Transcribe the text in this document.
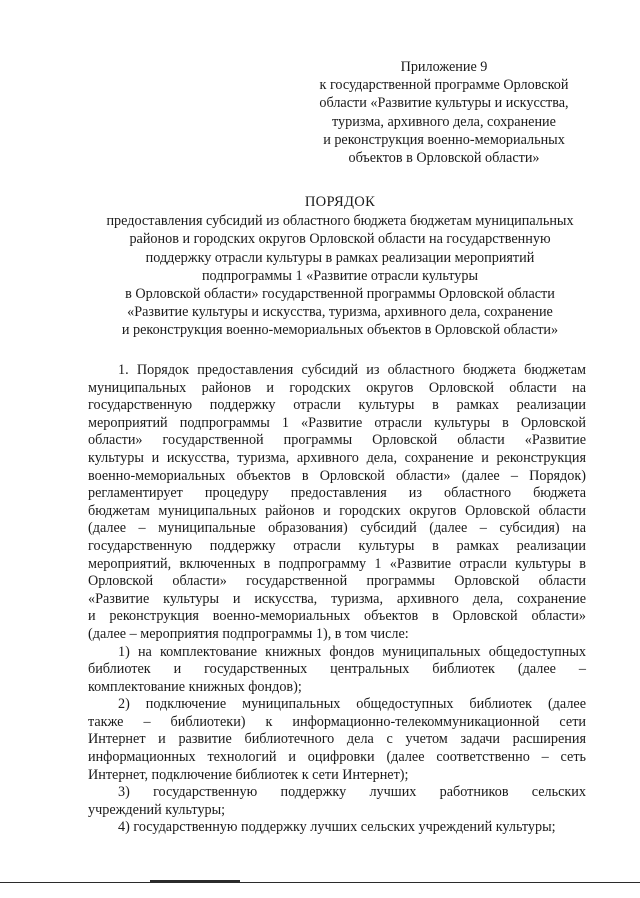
Приложение 9
к государственной программе Орловской
области «Развитие культуры и искусства,
туризма, архивного дела, сохранение
и реконструкция военно-мемориальных
объектов в Орловской области»
ПОРЯДОК
предоставления субсидий из областного бюджета бюджетам муниципальных
районов и городских округов Орловской области на государственную
поддержку отрасли культуры в рамках реализации мероприятий
подпрограммы 1 «Развитие отрасли культуры
в Орловской области» государственной программы Орловской области
«Развитие культуры и искусства, туризма, архивного дела, сохранение
и реконструкция военно-мемориальных объектов в Орловской области»
1. Порядок предоставления субсидий из областного бюджета бюджетам
муниципальных районов и городских округов Орловской области на
государственную поддержку отрасли культуры в рамках реализации
мероприятий подпрограммы 1 «Развитие отрасли культуры в Орловской
области» государственной программы Орловской области «Развитие
культуры и искусства, туризма, архивного дела, сохранение и реконструкция
военно-мемориальных объектов в Орловской области» (далее – Порядок)
регламентирует процедуру предоставления из областного бюджета
бюджетам муниципальных районов и городских округов Орловской области
(далее – муниципальные образования) субсидий (далее – субсидия) на
государственную поддержку отрасли культуры в рамках реализации
мероприятий, включенных в подпрограмму 1 «Развитие отрасли культуры в
Орловской области» государственной программы Орловской области
«Развитие культуры и искусства, туризма, архивного дела, сохранение
и реконструкция военно-мемориальных объектов в Орловской области»
(далее – мероприятия подпрограммы 1), в том числе:
1) на комплектование книжных фондов муниципальных общедоступных
библиотек и государственных центральных библиотек (далее –
комплектование книжных фондов);
2) подключение муниципальных общедоступных библиотек (далее
также – библиотеки) к информационно-телекоммуникационной сети
Интернет и развитие библиотечного дела с учетом задачи расширения
информационных технологий и оцифровки (далее соответственно – сеть
Интернет, подключение библиотек к сети Интернет);
3) государственную поддержку лучших работников сельских
учреждений культуры;
4) государственную поддержку лучших сельских учреждений культуры;
